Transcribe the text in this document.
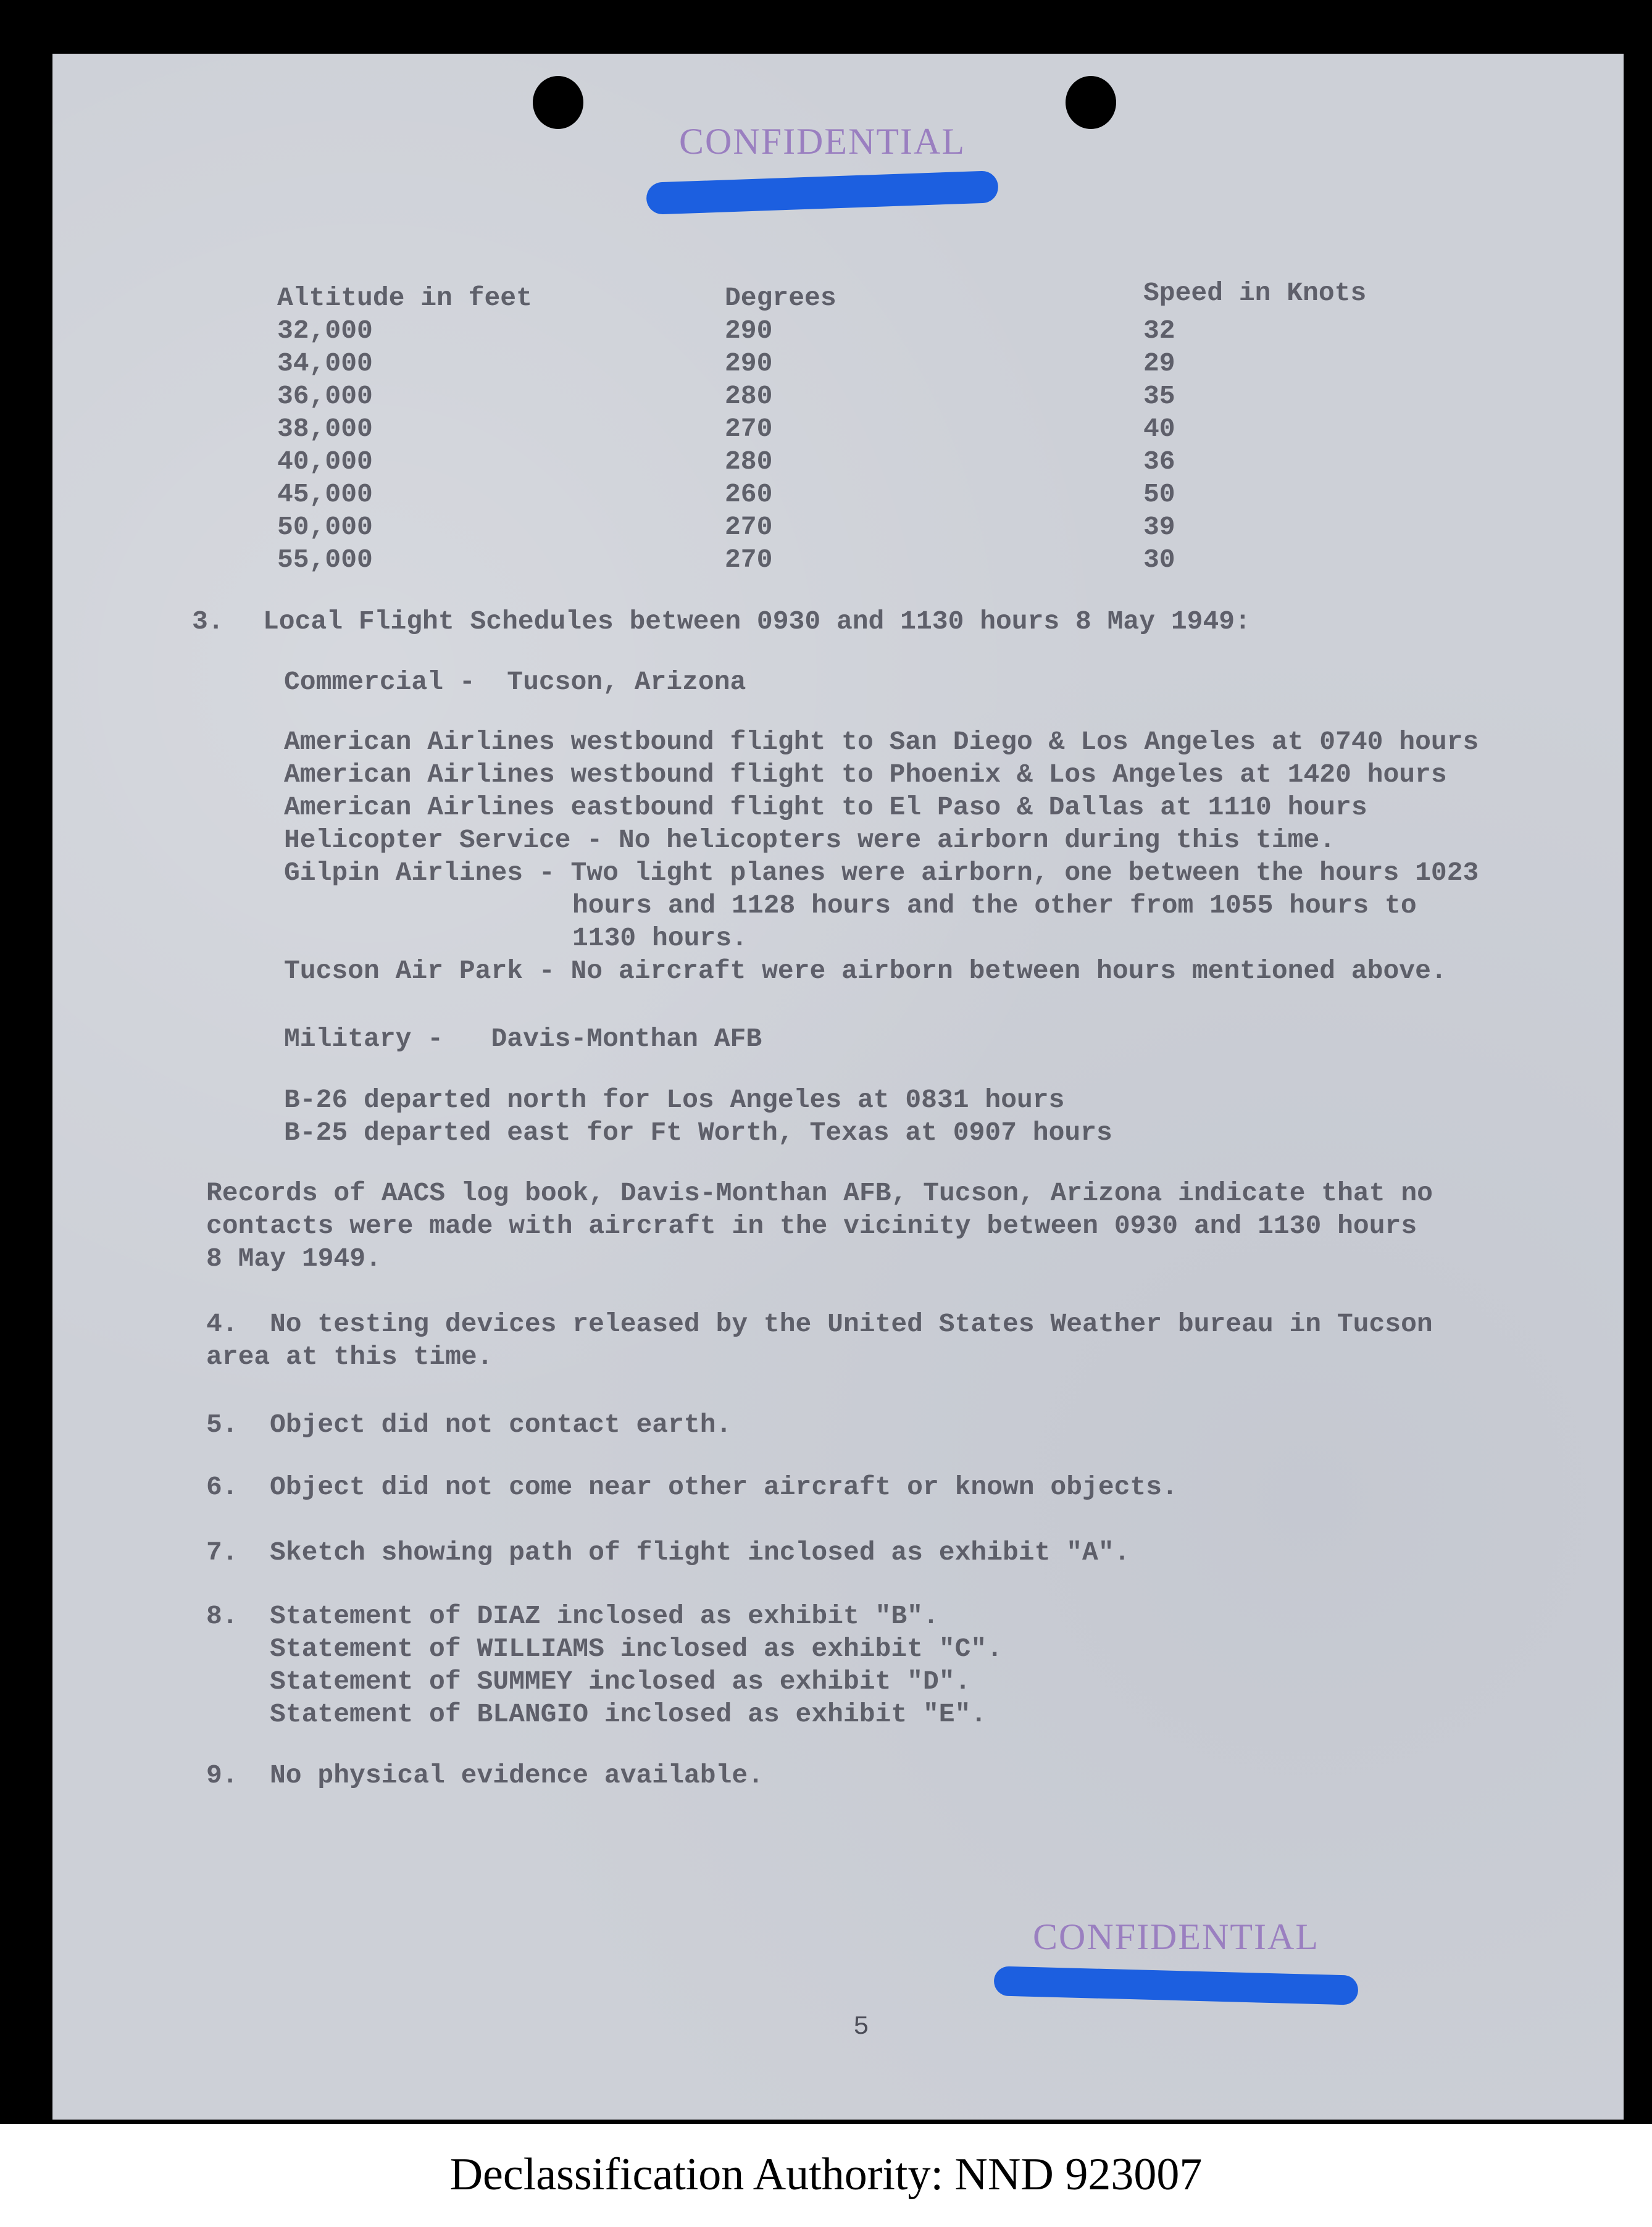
CONFIDENTIAL
Altitude in feet	Degrees	Speed in Knots
32,000	290	32
34,000	290	29
36,000	280	35
38,000	270	40
40,000	280	36
45,000	260	50
50,000	270	39
55,000	270	30
3. Local Flight Schedules between 0930 and 1130 hours 8 May 1949:
Commercial -  Tucson, Arizona
American Airlines westbound flight to San Diego & Los Angeles at 0740 hours
American Airlines westbound flight to Phoenix & Los Angeles at 1420 hours
American Airlines eastbound flight to El Paso & Dallas at 1110 hours
Helicopter Service - No helicopters were airborn during this time.
Gilpin Airlines - Two light planes were airborn, one between the hours 1023
hours and 1128 hours and the other from 1055 hours to
1130 hours.
Tucson Air Park - No aircraft were airborn between hours mentioned above.
Military -   Davis-Monthan AFB
B-26 departed north for Los Angeles at 0831 hours
B-25 departed east for Ft Worth, Texas at 0907 hours
Records of AACS log book, Davis-Monthan AFB, Tucson, Arizona indicate that no
contacts were made with aircraft in the vicinity between 0930 and 1130 hours
8 May 1949.
4. No testing devices released by the United States Weather bureau in Tucson
area at this time.
5. Object did not contact earth.
6. Object did not come near other aircraft or known objects.
7. Sketch showing path of flight inclosed as exhibit "A".
8. Statement of DIAZ inclosed as exhibit "B".
Statement of WILLIAMS inclosed as exhibit "C".
Statement of SUMMEY inclosed as exhibit "D".
Statement of BLANGIO inclosed as exhibit "E".
9. No physical evidence available.
CONFIDENTIAL
5
Declassification Authority: NND 923007
